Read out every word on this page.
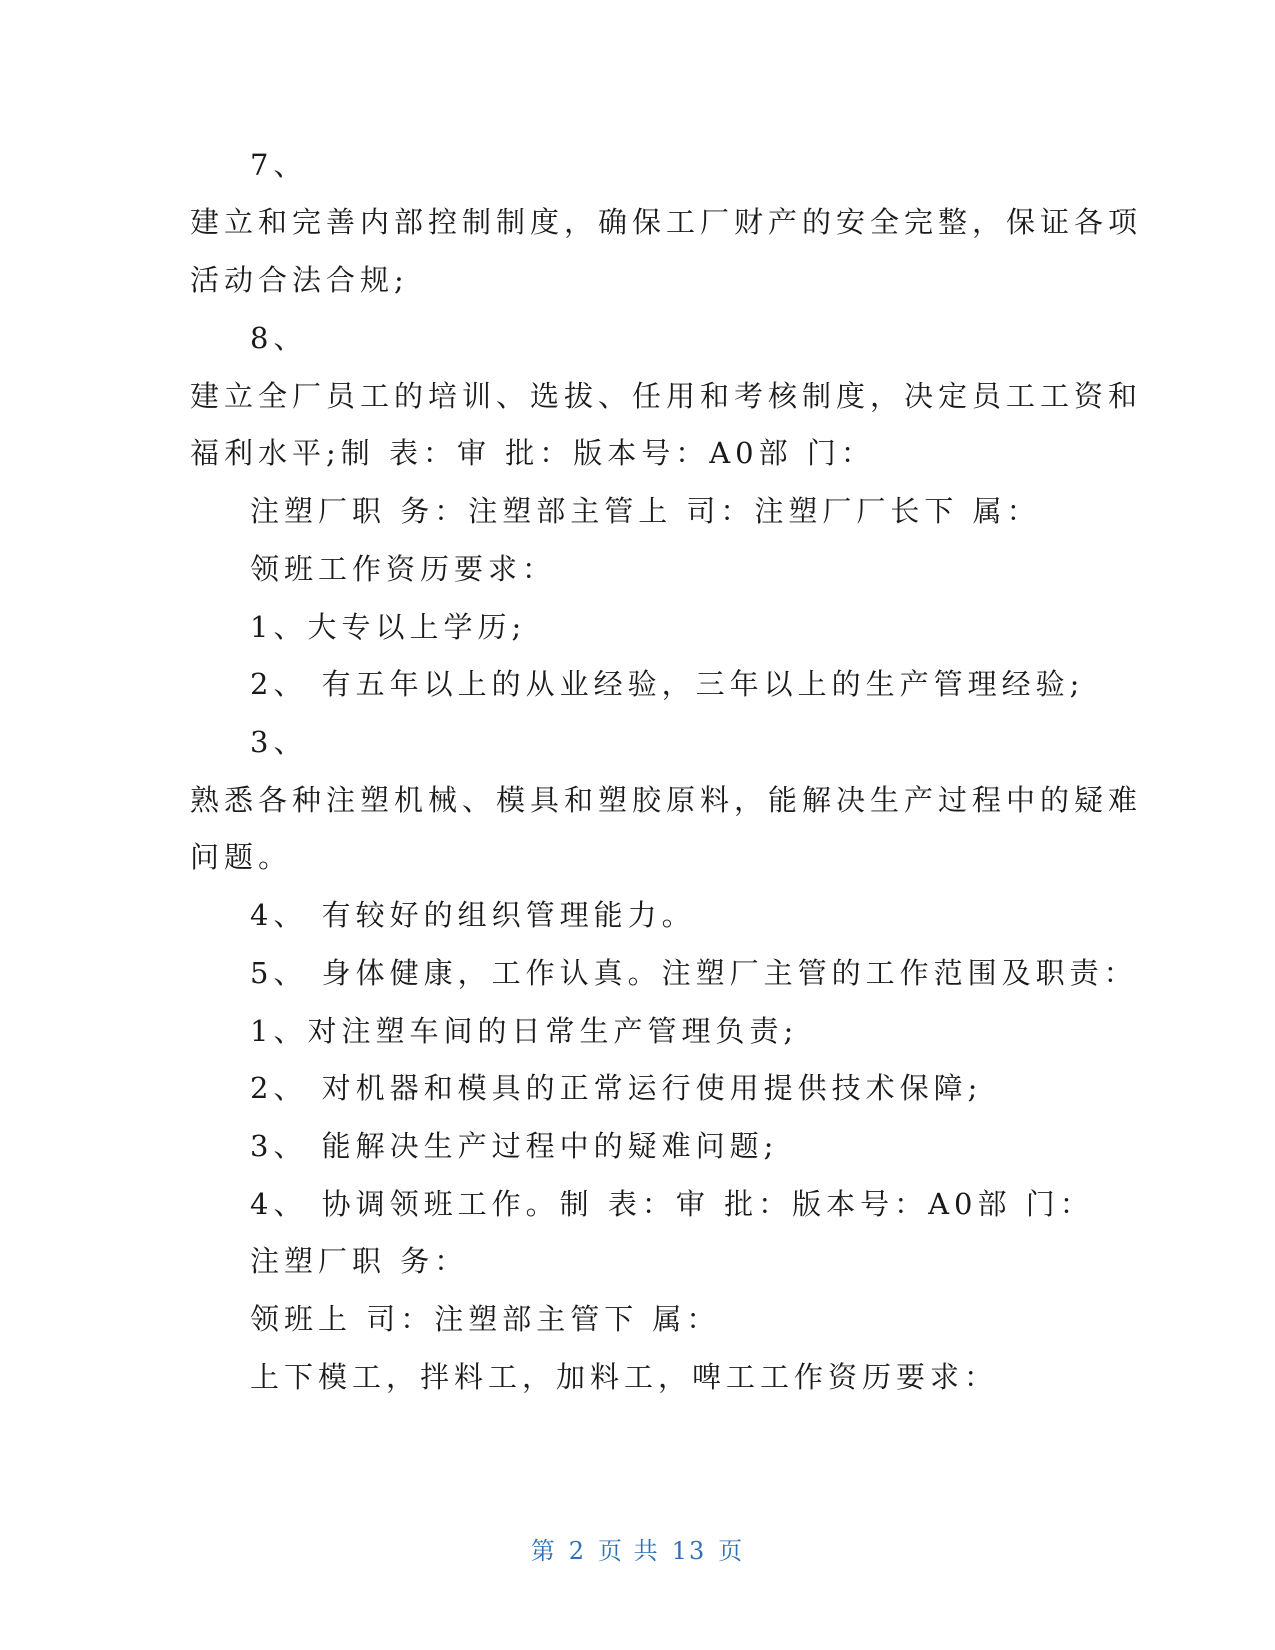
7、
建立和完善内部控制制度，确保工厂财产的安全完整，保证各项
活动合法合规;
8、
建立全厂员工的培训、选拔、任用和考核制度，决定员工工资和
福利水平;制 表：审 批：版本号：A0部 门：
注塑厂职 务：注塑部主管上 司：注塑厂厂长下 属：
领班工作资历要求：
1、大专以上学历;
2、 有五年以上的从业经验，三年以上的生产管理经验;
3、
熟悉各种注塑机械、模具和塑胶原料，能解决生产过程中的疑难
问题。
4、 有较好的组织管理能力。
5、 身体健康，工作认真。注塑厂主管的工作范围及职责：
1、对注塑车间的日常生产管理负责;
2、 对机器和模具的正常运行使用提供技术保障;
3、 能解决生产过程中的疑难问题;
4、 协调领班工作。制 表：审 批：版本号：A0部 门：
注塑厂职 务：
领班上 司：注塑部主管下 属：
上下模工，拌料工，加料工，啤工工作资历要求：
第 2 页 共 13 页
